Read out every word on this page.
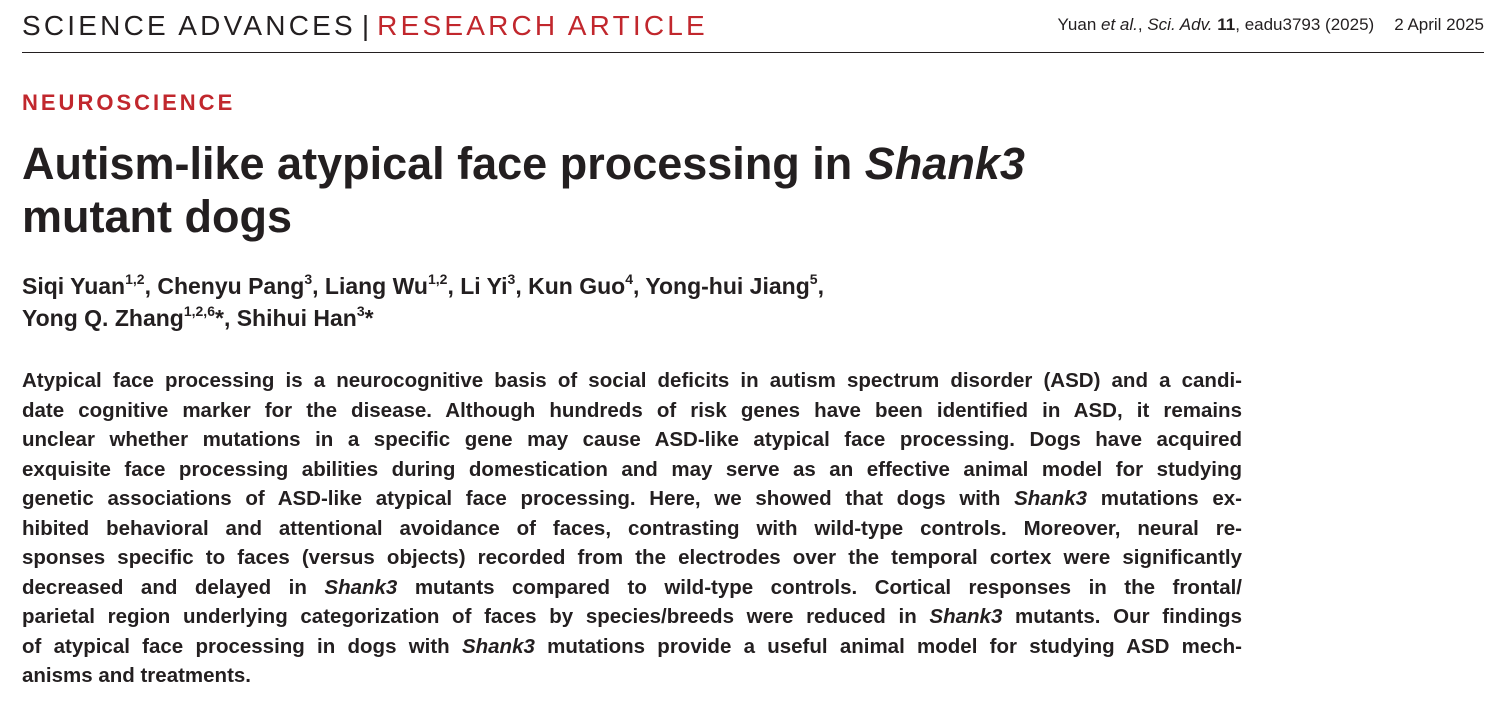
SCIENCE ADVANCES | RESEARCH ARTICLE	Yuan et al., Sci. Adv. 11, eadu3793 (2025) 2 April 2025
NEUROSCIENCE
Autism-like atypical face processing in Shank3
mutant dogs
Siqi Yuan$^{1,2}$, Chenyu Pang$^3$, Liang Wu$^{1,2}$, Li Yi$^3$, Kun Guo$^4$, Yong-hui Jiang$^5$,
Yong Q. Zhang$^{1,2,6}$*, Shihui Han$^3$*
Atypical face processing is a neurocognitive basis of social deficits in autism spectrum disorder (ASD) and a candi-
date cognitive marker for the disease. Although hundreds of risk genes have been identified in ASD, it remains
unclear whether mutations in a specific gene may cause ASD-like atypical face processing. Dogs have acquired
exquisite face processing abilities during domestication and may serve as an effective animal model for studying
genetic associations of ASD-like atypical face processing. Here, we showed that dogs with Shank3 mutations ex-
hibited behavioral and attentional avoidance of faces, contrasting with wild-type controls. Moreover, neural re-
sponses specific to faces (versus objects) recorded from the electrodes over the temporal cortex were significantly
decreased and delayed in Shank3 mutants compared to wild-type controls. Cortical responses in the frontal/
parietal region underlying categorization of faces by species/breeds were reduced in Shank3 mutants. Our findings
of atypical face processing in dogs with Shank3 mutations provide a useful animal model for studying ASD mech-
anisms and treatments.
